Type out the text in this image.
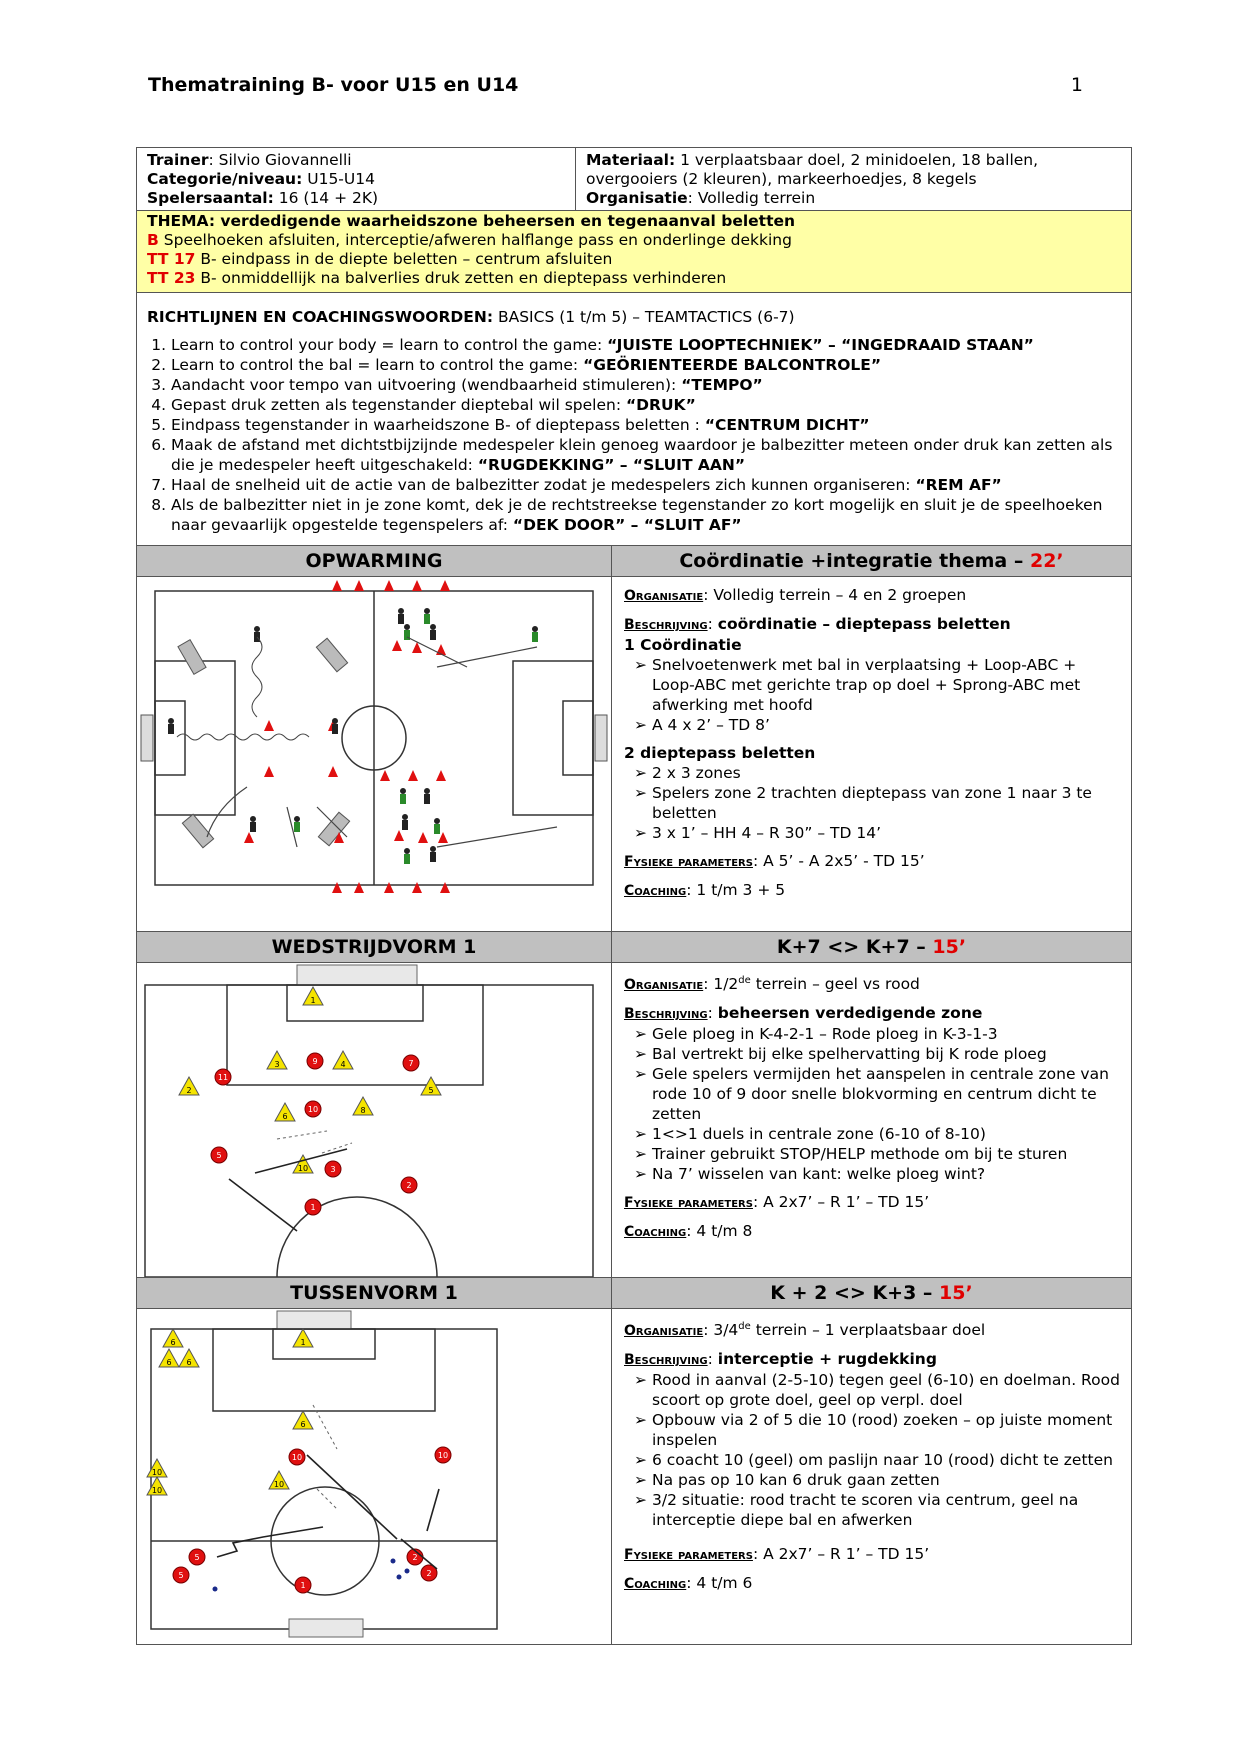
Thematraining B- voor U15 en U14	1
Trainer: Silvio Giovannelli
Categorie/niveau: U15-U14
Spelersaantal: 16 (14 + 2K)
Materiaal: 1 verplaatsbaar doel, 2 minidoelen, 18 ballen, overgooiers (2 kleuren), markeerhoedjes, 8 kegels
Organisatie: Volledig terrein
THEMA: verdedigende waarheidszone beheersen en tegenaanval beletten
B Speelhoeken afsluiten, interceptie/afweren halflange pass en onderlinge dekking
TT 17 B- eindpass in de diepte beletten – centrum afsluiten
TT 23 B- onmiddellijk na balverlies druk zetten en dieptepass verhinderen
RICHTLIJNEN EN COACHINGSWOORDEN: BASICS (1 t/m 5) – TEAMTACTICS (6-7)
1. Learn to control your body = learn to control the game: “JUISTE LOOPTECHNIEK” – “INGEDRAAID STAAN”
2. Learn to control the bal = learn to control the game: “GEÖRIENTEERDE BALCONTROLE”
3. Aandacht voor tempo van uitvoering (wendbaarheid stimuleren): “TEMPO”
4. Gepast druk zetten als tegenstander dieptebal wil spelen: “DRUK”
5. Eindpass tegenstander in waarheidszone B- of dieptepass beletten : “CENTRUM DICHT”
6. Maak de afstand met dichtstbijzijnde medespeler klein genoeg waardoor je balbezitter meteen onder druk kan zetten als die je medespeler heeft uitgeschakeld: “RUGDEKKING” – “SLUIT AAN”
7. Haal de snelheid uit de actie van de balbezitter zodat je medespelers zich kunnen organiseren: “REM AF”
8. Als de balbezitter niet in je zone komt, dek je de rechtstreekse tegenstander zo kort mogelijk en sluit je de speelhoeken naar gevaarlijk opgestelde tegenspelers af: “DEK DOOR” – “SLUIT AF”
OPWARMING	Coördinatie +integratie thema – 22’

Organisatie: Volledig terrein – 4 en 2 groepen

Beschrijving: coördinatie – dieptepass beletten

1 Coördinatie
➢ Snelvoetenwerk met bal in verplaatsing + Loop-ABC + Loop-ABC met gerichte trap op doel + Sprong-ABC met afwerking met hoofd
➢ A 4 x 2’ – TD 8’
2 dieptepass beletten
➢ 2 x 3 zones
➢ Spelers zone 2 trachten dieptepass van zone 1 naar 3 te beletten
➢ 3 x 1’ – HH 4 – R 30” – TD 14’

Fysieke parameters: A 5’ - A 2x5’ - TD 15’

Coaching: 1 t/m 3 + 5

WEDSTRIJDVORM 1	K+7 <> K+7 – 15’
1
3	4
2	5
6
8
10
9	7
11
10
5
3
2
1

Organisatie: 1/2de terrein – geel vs rood

Beschrijving: beheersen verdedigende zone

➢ Gele ploeg in K-4-2-1 – Rode ploeg in K-3-1-3
➢ Bal vertrekt bij elke spelhervatting bij K rode ploeg
➢ Gele spelers vermijden het aanspelen in centrale zone van rode 10 of 9 door snelle blokvorming en centrum dicht te zetten
➢ 1<>1 duels in centrale zone (6-10 of 8-10)
➢ Trainer gebruikt STOP/HELP methode om bij te sturen
➢ Na 7’ wisselen van kant: welke ploeg wint?

Fysieke parameters: A 2x7’ – R 1’ – TD 15’

Coaching: 4 t/m 8

TUSSENVORM 1	K + 2 <> K+3 – 15’
1
6
6 6
6
10
10
10
10	10
5	2
5	2
1

Organisatie: 3/4de terrein – 1 verplaatsbaar doel

Beschrijving: interceptie + rugdekking

➢ Rood in aanval (2-5-10) tegen geel (6-10) en doelman. Rood scoort op grote doel, geel op verpl. doel
➢ Opbouw via 2 of 5 die 10 (rood) zoeken – op juiste moment inspelen
➢ 6 coacht 10 (geel) om paslijn naar 10 (rood) dicht te zetten
➢ Na pas op 10 kan 6 druk gaan zetten
➢ 3/2 situatie: rood tracht te scoren via centrum, geel na interceptie diepe bal en afwerken

Fysieke parameters: A 2x7’ – R 1’ – TD 15’

Coaching: 4 t/m 6
